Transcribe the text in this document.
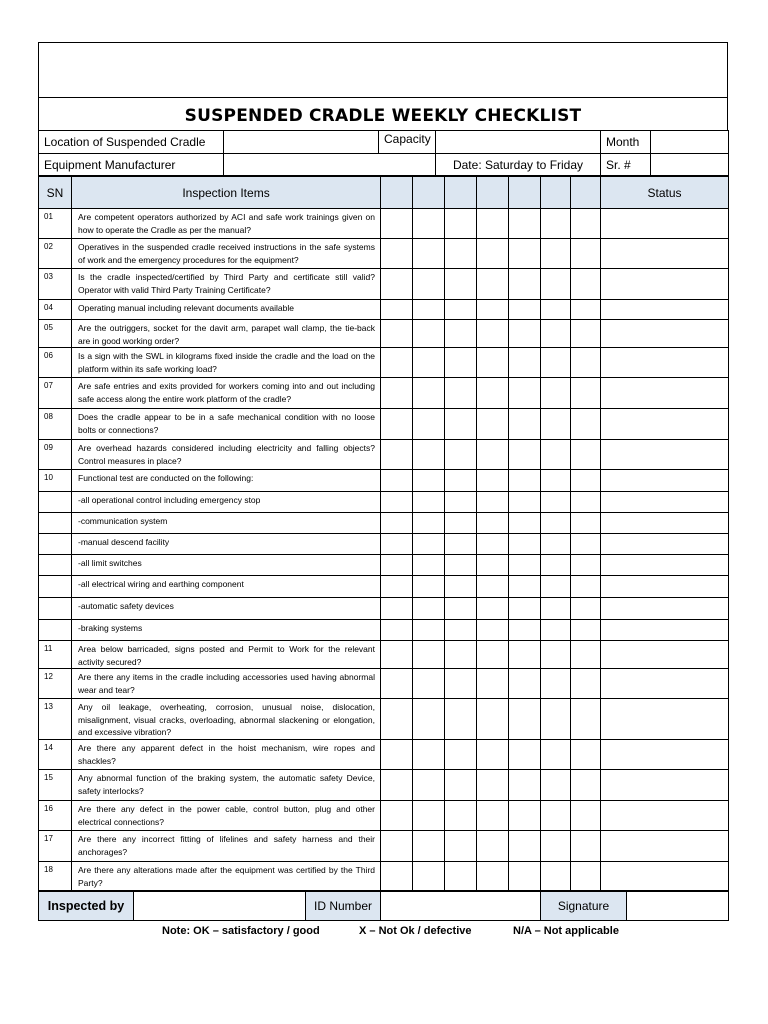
SUSPENDED CRADLE WEEKLY CHECKLIST
Location of Suspended Cradle		Capacity		Month	
Equipment Manufacturer			Date: Saturday to Friday	Sr. #	
SN	Inspection Items								Status
01	Are competent operators authorized by ACI and safe work trainings given on how to operate the Cradle as per the manual?								
02	Operatives in the suspended cradle received instructions in the safe systems of work and the emergency procedures for the equipment?								
03	Is the cradle inspected/certified by Third Party and certificate still valid? Operator with valid Third Party Training Certificate?								
04	Operating manual including relevant documents available								
05	Are the outriggers, socket for the davit arm, parapet wall clamp, the tie-back are in good working order?								
06	Is a sign with the SWL in kilograms fixed inside the cradle and the load on the platform within its safe working load?								
07	Are safe entries and exits provided for workers coming into and out including safe access along the entire work platform of the cradle?								
08	Does the cradle appear to be in a safe mechanical condition with no loose bolts or connections?								
09	Are overhead hazards considered including electricity and falling objects? Control measures in place?								
10	Functional test are conducted on the following:								
	-all operational control including emergency stop								
	-communication system								
	-manual descend facility								
	-all limit switches								
	-all electrical wiring and earthing component								
	-automatic safety devices								
	-braking systems								
11	Area below barricaded, signs posted and Permit to Work for the relevant activity secured?								
12	Are there any items in the cradle including accessories used having abnormal wear and tear?								
13	Any oil leakage, overheating, corrosion, unusual noise, dislocation, misalignment, visual cracks, overloading, abnormal slackening or elongation, and excessive vibration?								
14	Are there any apparent defect in the hoist mechanism, wire ropes and shackles?								
15	Any abnormal function of the braking system, the automatic safety Device, safety interlocks?								
16	Are there any defect in the power cable, control button, plug and other electrical connections?								
17	Are there any incorrect fitting of lifelines and safety harness and their anchorages?								
18	Are there any alterations made after the equipment was certified by the Third Party?								
Inspected by		ID Number		Signature	
Note: OK – satisfactory / good	X – Not Ok / defective	N/A – Not applicable
